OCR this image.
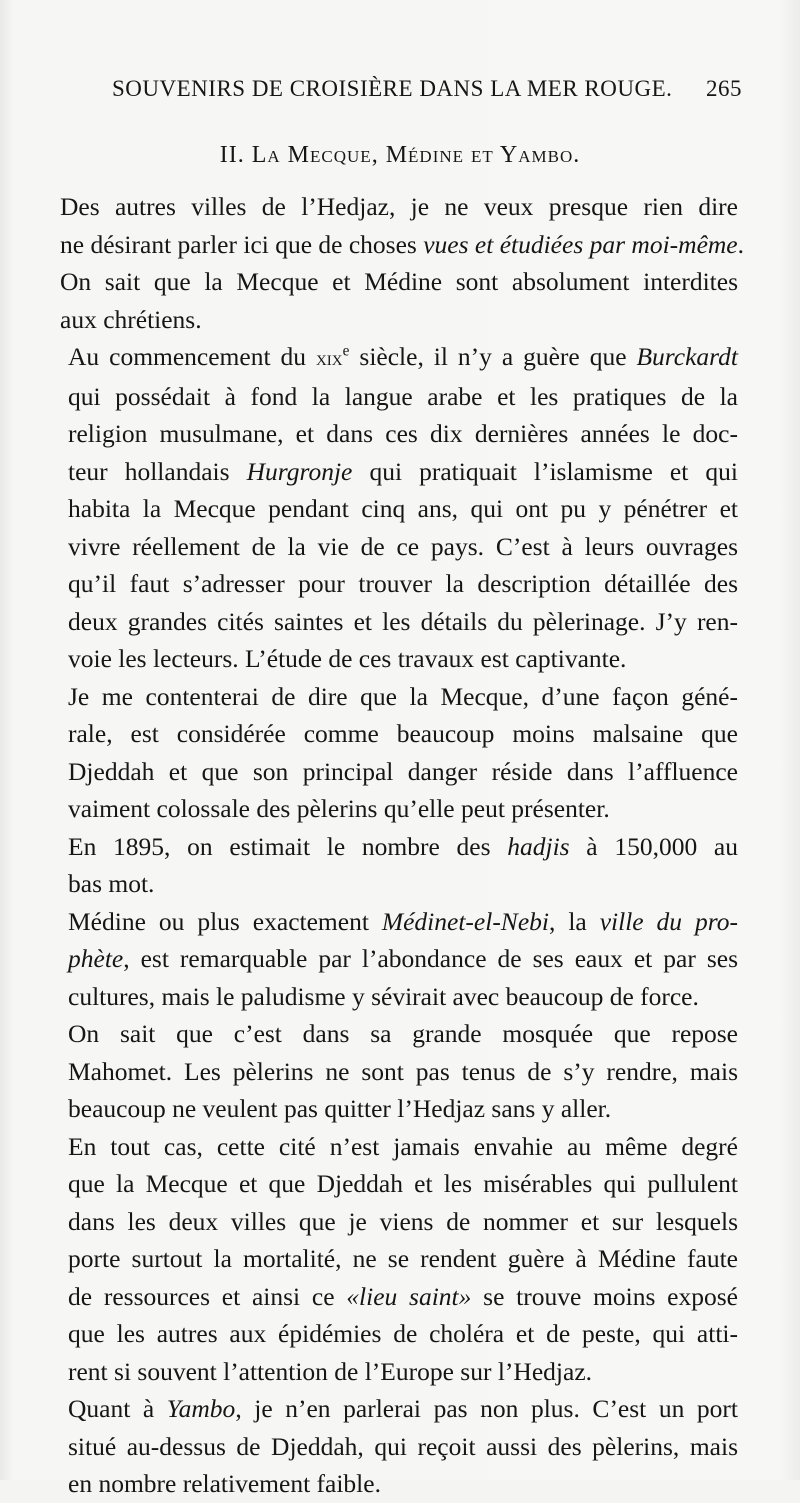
SOUVENIRS DE CROISIÈRE DANS LA MER ROUGE. 265
II. La Mecque, Médine et Yambo.

Des autres villes de l’Hedjaz, je ne veux presque rien dire
ne désirant parler ici que de choses vues et étudiées par moi-même.
On sait que la Mecque et Médine sont absolument interdites
aux chrétiens.

Au commencement du xix$^e$ siècle, il n’y a guère que Burckardt
qui possédait à fond la langue arabe et les pratiques de la
religion musulmane, et dans ces dix dernières années le doc-
teur hollandais Hurgronje qui pratiquait l’islamisme et qui
habita la Mecque pendant cinq ans, qui ont pu y pénétrer et
vivre réellement de la vie de ce pays. C’est à leurs ouvrages
qu’il faut s’adresser pour trouver la description détaillée des
deux grandes cités saintes et les détails du pèlerinage. J’y ren-
voie les lecteurs. L’étude de ces travaux est captivante.

Je me contenterai de dire que la Mecque, d’une façon géné-
rale, est considérée comme beaucoup moins malsaine que
Djeddah et que son principal danger réside dans l’affluence
vaiment colossale des pèlerins qu’elle peut présenter.

En 1895, on estimait le nombre des hadjis à 150,000 au
bas mot.

Médine ou plus exactement Médinet-el-Nebi, la ville du pro-
phète, est remarquable par l’abondance de ses eaux et par ses
cultures, mais le paludisme y sévirait avec beaucoup de force.

On sait que c’est dans sa grande mosquée que repose
Mahomet. Les pèlerins ne sont pas tenus de s’y rendre, mais
beaucoup ne veulent pas quitter l’Hedjaz sans y aller.

En tout cas, cette cité n’est jamais envahie au même degré
que la Mecque et que Djeddah et les misérables qui pullulent
dans les deux villes que je viens de nommer et sur lesquels
porte surtout la mortalité, ne se rendent guère à Médine faute
de ressources et ainsi ce «lieu saint» se trouve moins exposé
que les autres aux épidémies de choléra et de peste, qui atti-
rent si souvent l’attention de l’Europe sur l’Hedjaz.

Quant à Yambo, je n’en parlerai pas non plus. C’est un port
situé au-dessus de Djeddah, qui reçoit aussi des pèlerins, mais
en nombre relativement faible.
